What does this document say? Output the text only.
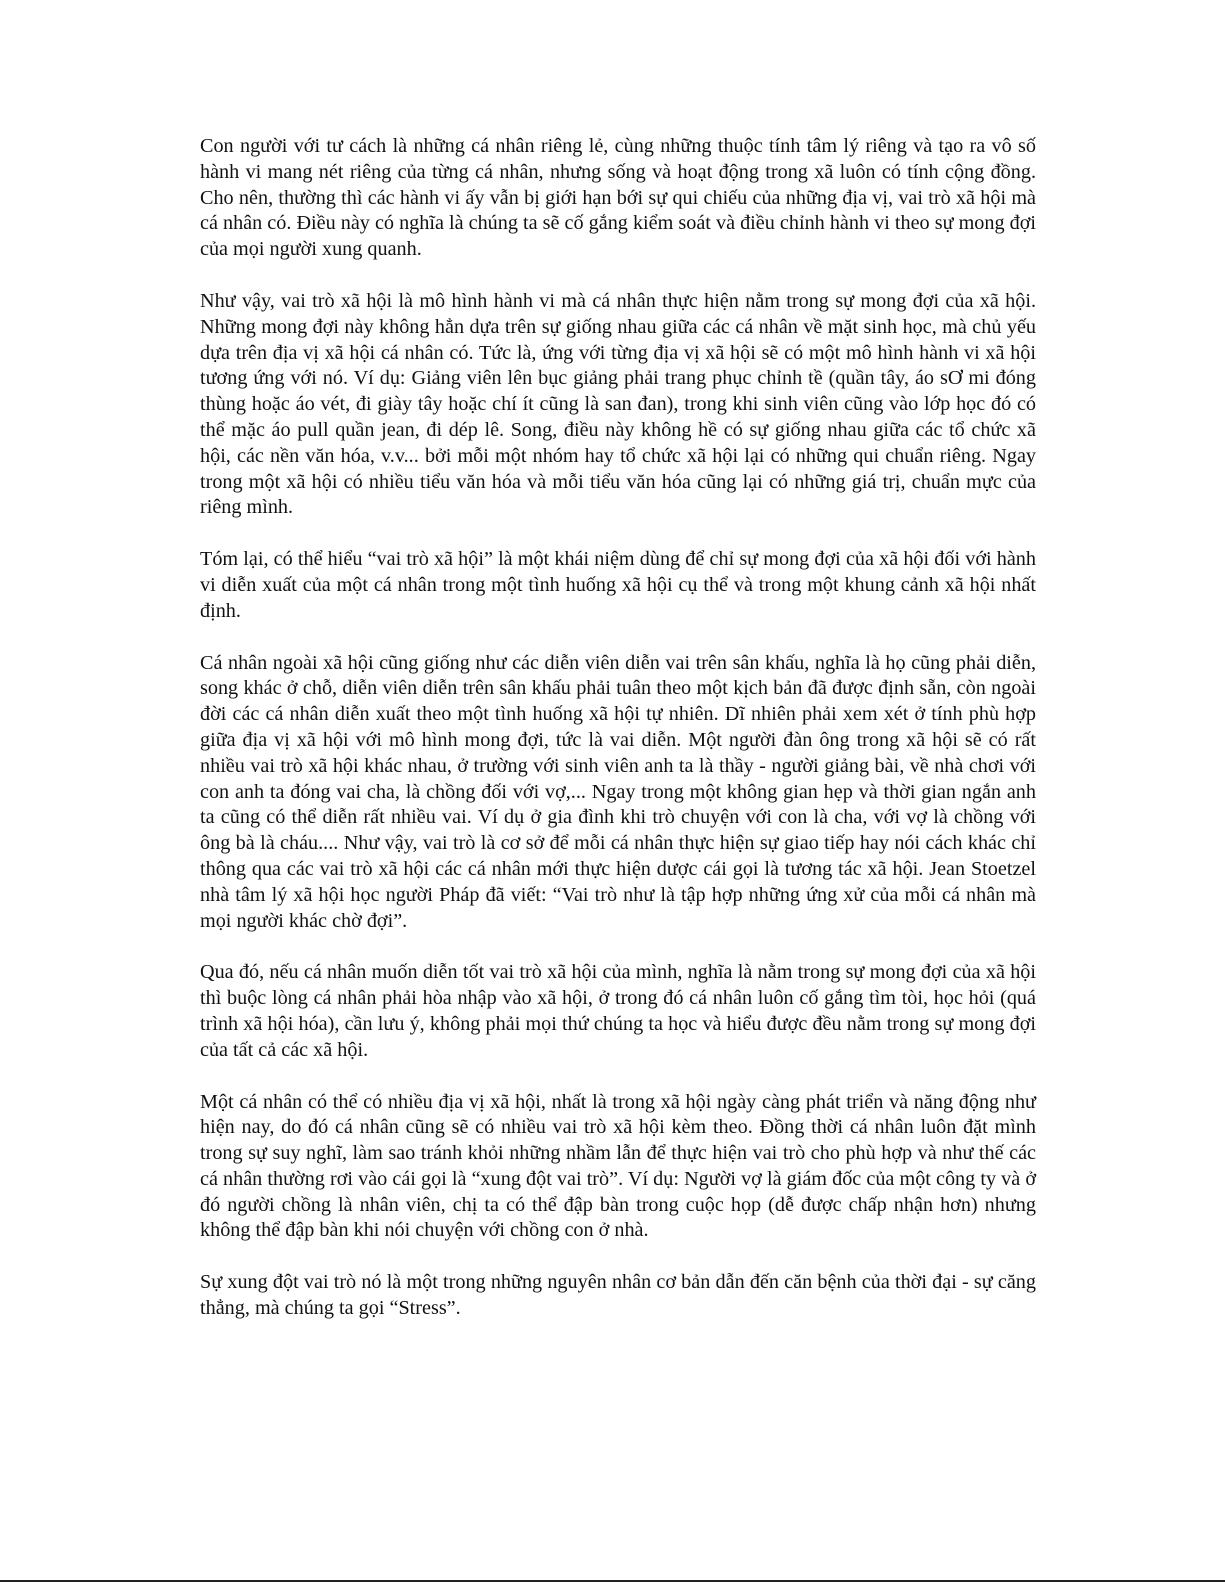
Con người với tư cách là những cá nhân riêng lẻ, cùng những thuộc tính tâm lý riêng và tạo ra vô số hành vi mang nét riêng của từng cá nhân, nhưng sống và hoạt động trong xã luôn có tính cộng đồng. Cho nên, thường thì các hành vi ấy vẫn bị giới hạn bới sự qui chiếu của những địa vị, vai trò xã hội mà cá nhân có. Điều này có nghĩa là chúng ta sẽ cố gắng kiểm soát và điều chỉnh hành vi theo sự mong đợi của mọi người xung quanh.

Như vậy, vai trò xã hội là mô hình hành vi mà cá nhân thực hiện nằm trong sự mong đợi của xã hội. Những mong đợi này không hẳn dựa trên sự giống nhau giữa các cá nhân về mặt sinh học, mà chủ yếu dựa trên địa vị xã hội cá nhân có. Tức là, ứng với từng địa vị xã hội sẽ có một mô hình hành vi xã hội tương ứng với nó. Ví dụ: Giảng viên lên bục giảng phải trang phục chỉnh tề (quần tây, áo sƠ mi đóng thùng hoặc áo vét, đi giày tây hoặc chí ít cũng là san đan), trong khi sinh viên cũng vào lớp học đó có thể mặc áo pull quần jean, đi dép lê. Song, điều này không hề có sự giống nhau giữa các tổ chức xã hội, các nền văn hóa, v.v... bởi mỗi một nhóm hay tổ chức xã hội lại có những qui chuẩn riêng. Ngay trong một xã hội có nhiều tiểu văn hóa và mỗi tiểu văn hóa cũng lại có những giá trị, chuẩn mực của riêng mình.

Tóm lại, có thể hiểu “vai trò xã hội” là một khái niệm dùng để chỉ sự mong đợi của xã hội đối với hành vi diễn xuất của một cá nhân trong một tình huống xã hội cụ thể và trong một khung cảnh xã hội nhất định.

Cá nhân ngoài xã hội cũng giống như các diễn viên diễn vai trên sân khấu, nghĩa là họ cũng phải diễn, song khác ở chỗ, diễn viên diễn trên sân khấu phải tuân theo một kịch bản đã được định sẵn, còn ngoài đời các cá nhân diễn xuất theo một tình huống xã hội tự nhiên. Dĩ nhiên phải xem xét ở tính phù hợp giữa địa vị xã hội với mô hình mong đợi, tức là vai diễn. Một người đàn ông trong xã hội sẽ có rất nhiều vai trò xã hội khác nhau, ở trường với sinh viên anh ta là thầy - người giảng bài, về nhà chơi với con anh ta đóng vai cha, là chồng đối với vợ,... Ngay trong một không gian hẹp và thời gian ngắn anh ta cũng có thể diễn rất nhiều vai. Ví dụ ở gia đình khi trò chuyện với con là cha, với vợ là chồng với ông bà là cháu.... Như vậy, vai trò là cơ sở để mỗi cá nhân thực hiện sự giao tiếp hay nói cách khác chỉ thông qua các vai trò xã hội các cá nhân mới thực hiện dược cái gọi là tương tác xã hội. Jean Stoetzel nhà tâm lý xã hội học người Pháp đã viết: “Vai trò như là tập hợp những ứng xử của mỗi cá nhân mà mọi người khác chờ đợi”.

Qua đó, nếu cá nhân muốn diễn tốt vai trò xã hội của mình, nghĩa là nằm trong sự mong đợi của xã hội thì buộc lòng cá nhân phải hòa nhập vào xã hội, ở trong đó cá nhân luôn cố gắng tìm tòi, học hỏi (quá trình xã hội hóa), cần lưu ý, không phải mọi thứ chúng ta học và hiểu được đều nằm trong sự mong đợi của tất cả các xã hội.

Một cá nhân có thể có nhiều địa vị xã hội, nhất là trong xã hội ngày càng phát triển và năng động như hiện nay, do đó cá nhân cũng sẽ có nhiều vai trò xã hội kèm theo. Đồng thời cá nhân luôn đặt mình trong sự suy nghĩ, làm sao tránh khỏi những nhầm lẫn để thực hiện vai trò cho phù hợp và như thế các cá nhân thường rơi vào cái gọi là “xung đột vai trò”. Ví dụ: Người vợ là giám đốc của một công ty và ở đó người chồng là nhân viên, chị ta có thể đập bàn trong cuộc họp (dễ được chấp nhận hơn) nhưng không thể đập bàn khi nói chuyện với chồng con ở nhà.

Sự xung đột vai trò nó là một trong những nguyên nhân cơ bản dẫn đến căn bệnh của thời đại - sự căng thẳng, mà chúng ta gọi “Stress”.
